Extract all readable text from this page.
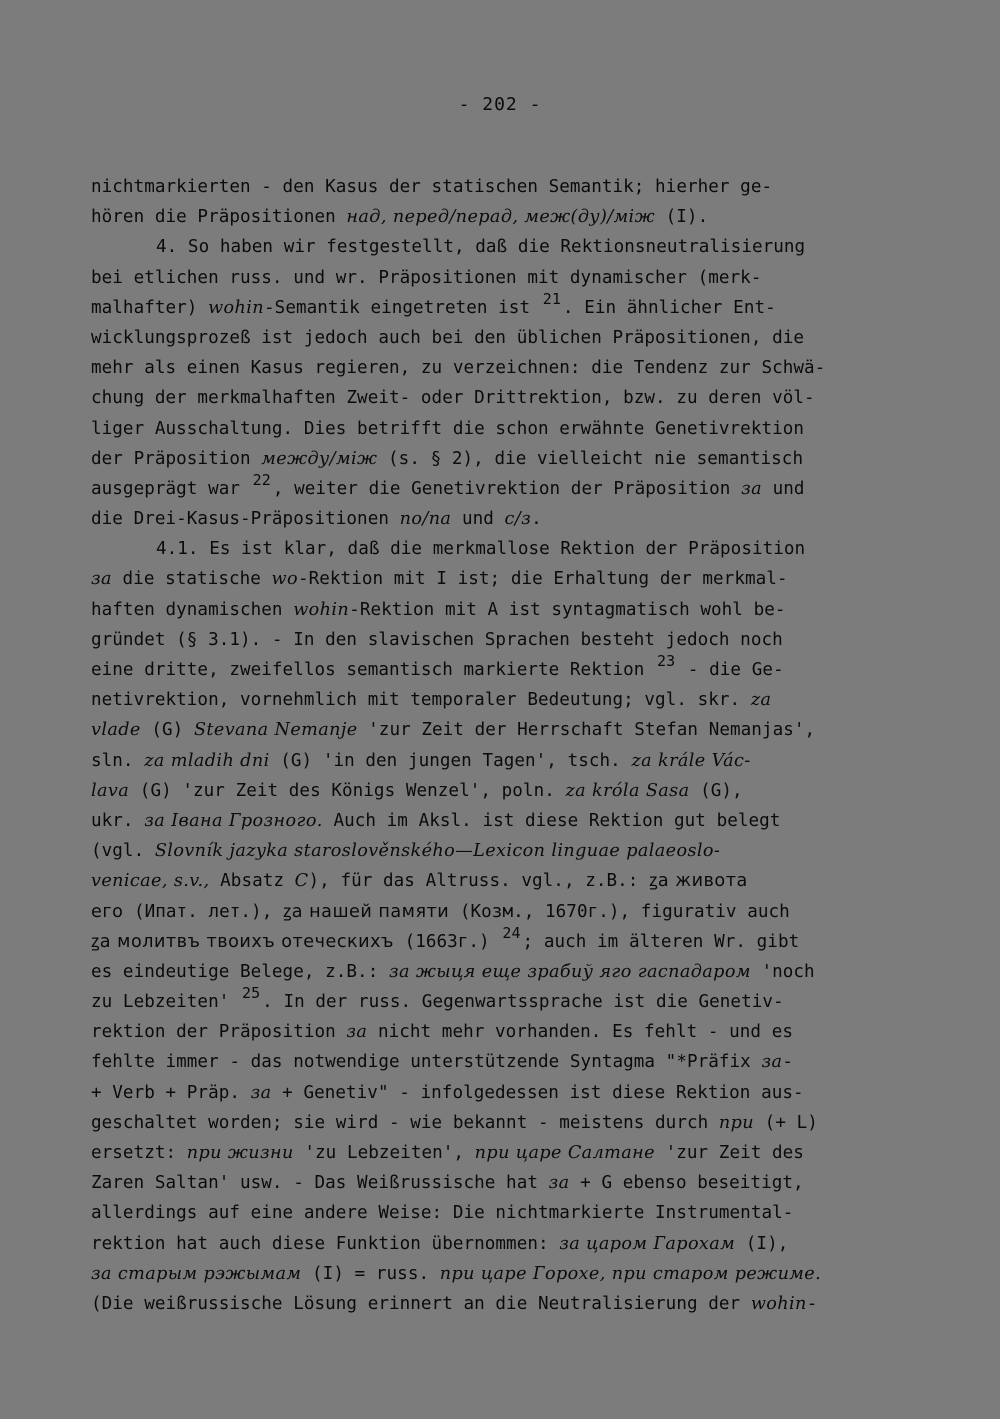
- 202 -
nichtmarkierten - den Kasus der statischen Semantik; hierher ge-
hören die Präpositionen над, перед/перад, меж(ду)/між (I).
4. So haben wir festgestellt, daß die Rektionsneutralisierung
bei etlichen russ. und wr. Präpositionen mit dynamischer (merk-
malhafter) wohin-Semantik eingetreten ist 21 . Ein ähnlicher Ent-
wicklungsprozeß ist jedoch auch bei den üblichen Präpositionen, die
mehr als einen Kasus regieren, zu verzeichnen: die Tendenz zur Schwä-
chung der merkmalhaften Zweit- oder Drittrektion, bzw. zu deren völ-
liger Ausschaltung. Dies betrifft die schon erwähnte Genetivrektion
der Präposition между/між (s. § 2), die vielleicht nie semantisch
ausgeprägt war 22 , weiter die Genetivrektion der Präposition за und
die Drei-Kasus-Präpositionen по/па und с/з.
4.1. Es ist klar, daß die merkmallose Rektion der Präposition
за die statische wo-Rektion mit I ist; die Erhaltung der merkmal-
haften dynamischen wohin-Rektion mit A ist syntagmatisch wohl be-
gründet (§ 3.1). - In den slavischen Sprachen besteht jedoch noch
eine dritte, zweifellos semantisch markierte Rektion 23 - die Ge-
netivrektion, vornehmlich mit temporaler Bedeutung; vgl. skr. za
vlade (G) Stevana Nemanje 'zur Zeit der Herrschaft Stefan Nemanjas',
sln. za mladih dni (G) 'in den jungen Tagen', tsch. za krále Vác-
lava (G) 'zur Zeit des Königs Wenzel', poln. za króla Sasa (G),
ukr. за Івана Грозного. Auch im Aksl. ist diese Rektion gut belegt
(vgl. Slovník jazyka staroslověnského—Lexicon linguae palaeoslo-
venicae, s.v., Absatz C), für das Altruss. vgl., z.B.: ꙁа живота
его (Ипат. лет.), ꙁа нашей памяти (Козм., 1670г.), figurativ auch
ꙁа молитвъ твоихъ отеческихъ (1663г.) 24 ; auch im älteren Wr. gibt
es eindeutige Belege, z.B.: за жыця еще зрабиў яго гаспадаром 'noch
zu Lebzeiten' 25 . In der russ. Gegenwartssprache ist die Genetiv-
rektion der Präposition за nicht mehr vorhanden. Es fehlt - und es
fehlte immer - das notwendige unterstützende Syntagma "*Präfix за-
+ Verb + Präp. за + Genetiv" - infolgedessen ist diese Rektion aus-
geschaltet worden; sie wird - wie bekannt - meistens durch при (+ L)
ersetzt: при жизни 'zu Lebzeiten', при царе Салтане 'zur Zeit des
Zaren Saltan' usw. - Das Weißrussische hat за + G ebenso beseitigt,
allerdings auf eine andere Weise: Die nichtmarkierte Instrumental-
rektion hat auch diese Funktion übernommen: за царом Гарохам (I),
за старым рэжымам (I) = russ. при царе Горохе, при старом режиме.
(Die weißrussische Lösung erinnert an die Neutralisierung der wohin-
